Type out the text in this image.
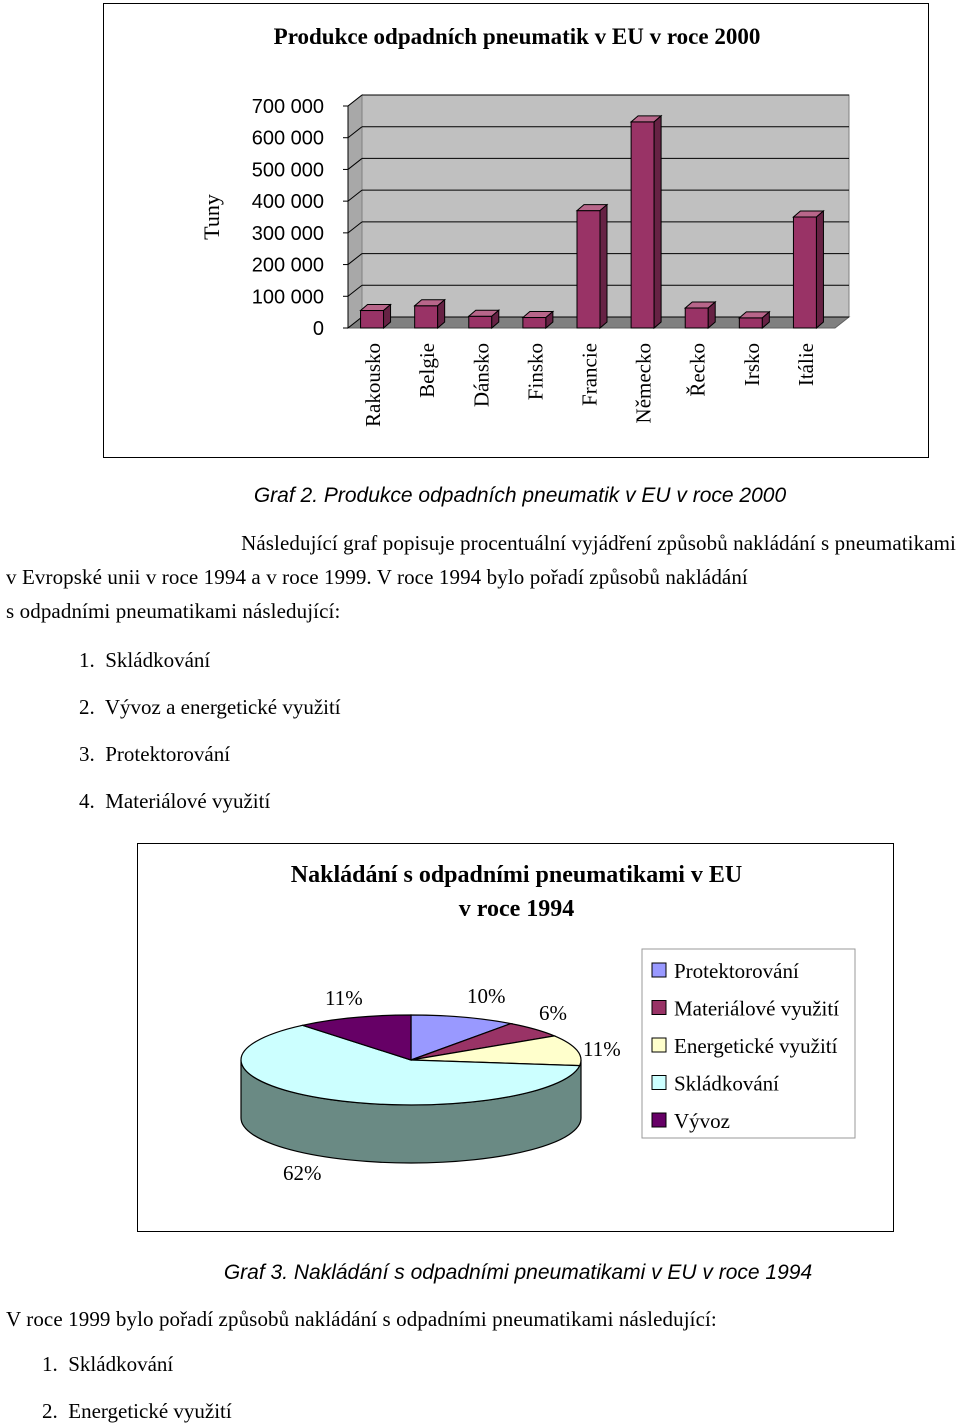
Produkce odpadních pneumatik v EU v roce 2000
700 000
600 000
500 000
400 000
300 000
200 000
100 000
0
Tuny
Rakousko Belgie Dánsko Finsko Francie Německo Řecko Irsko Itálie
Graf 2. Produkce odpadních pneumatik v EU v roce 2000
Následující graf popisuje procentuální vyjádření způsobů nakládání s pneumatikami
v Evropské unii v roce 1994 a v roce 1999. V roce 1994 bylo pořadí způsobů nakládání
s odpadními pneumatikami následující:
1.  Skládkování
2.  Vývoz a energetické využití
3.  Protektorování
4.  Materiálové využití
Nakládání s odpadními pneumatikami v EU
v roce 1994
11%	10%
6%
11%
62%
Protektorování
Materiálové využití
Energetické využití
Skládkování
Vývoz
Graf 3. Nakládání s odpadními pneumatikami v EU v roce 1994
V roce 1999 bylo pořadí způsobů nakládání s odpadními pneumatikami následující:
1.  Skládkování
2.  Energetické využití
